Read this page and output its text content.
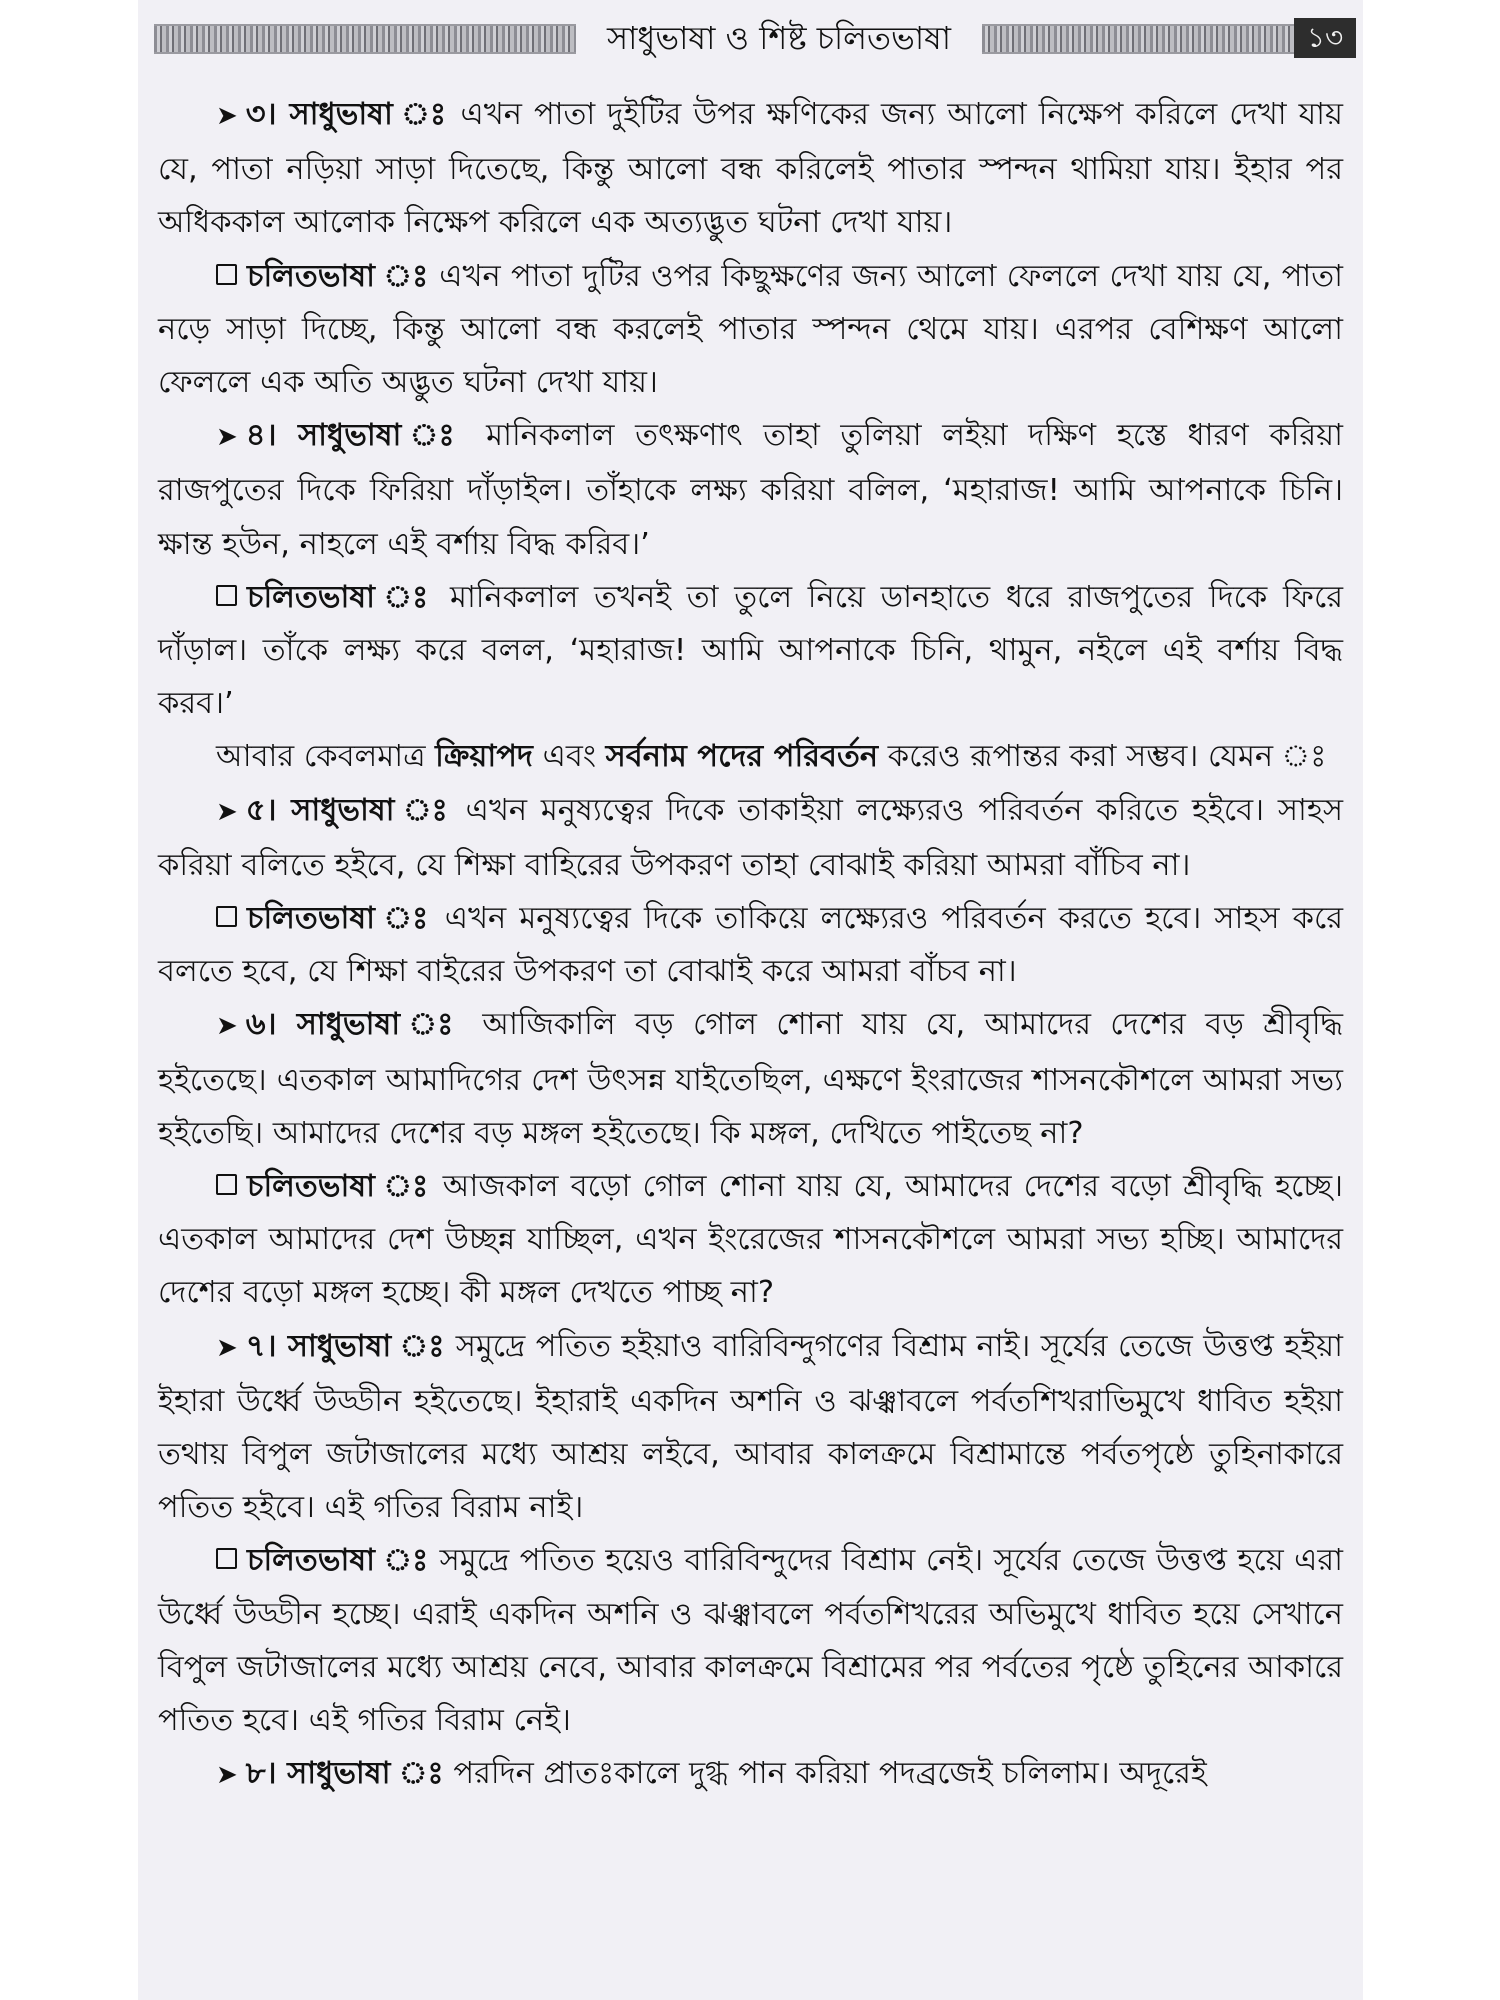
সাধুভাষা ও শিষ্ট চলিতভাষা	১৩

➤ ৩। সাধুভাষা ঃ এখন পাতা দুইটির উপর ক্ষণিকের জন্য আলো নিক্ষেপ করিলে দেখা যায় যে, পাতা নড়িয়া সাড়া দিতেছে, কিন্তু আলো বন্ধ করিলেই পাতার স্পন্দন থামিয়া যায়। ইহার পর অধিককাল আলোক নিক্ষেপ করিলে এক অত্যদ্ভুত ঘটনা দেখা যায়।

চলিতভাষা ঃ এখন পাতা দুটির ওপর কিছুক্ষণের জন্য আলো ফেললে দেখা যায় যে, পাতা নড়ে সাড়া দিচ্ছে, কিন্তু আলো বন্ধ করলেই পাতার স্পন্দন থেমে যায়। এরপর বেশিক্ষণ আলো ফেললে এক অতি অদ্ভুত ঘটনা দেখা যায়।

➤ ৪। সাধুভাষা ঃ মানিকলাল তৎক্ষণাৎ তাহা তুলিয়া লইয়া দক্ষিণ হস্তে ধারণ করিয়া রাজপুতের দিকে ফিরিয়া দাঁড়াইল। তাঁহাকে লক্ষ্য করিয়া বলিল, ‘মহারাজ! আমি আপনাকে চিনি। ক্ষান্ত হউন, নাহলে এই বর্শায় বিদ্ধ করিব।’

চলিতভাষা ঃ মানিকলাল তখনই তা তুলে নিয়ে ডানহাতে ধরে রাজপুতের দিকে ফিরে দাঁড়াল। তাঁকে লক্ষ্য করে বলল, ‘মহারাজ! আমি আপনাকে চিনি, থামুন, নইলে এই বর্শায় বিদ্ধ করব।’

আবার কেবলমাত্র ক্রিয়াপদ এবং সর্বনাম পদের পরিবর্তন করেও রূপান্তর করা সম্ভব। যেমন ঃ

➤ ৫। সাধুভাষা ঃ এখন মনুষ্যত্বের দিকে তাকাইয়া লক্ষ্যেরও পরিবর্তন করিতে হইবে। সাহস করিয়া বলিতে হইবে, যে শিক্ষা বাহিরের উপকরণ তাহা বোঝাই করিয়া আমরা বাঁচিব না।

চলিতভাষা ঃ এখন মনুষ্যত্বের দিকে তাকিয়ে লক্ষ্যেরও পরিবর্তন করতে হবে। সাহস করে বলতে হবে, যে শিক্ষা বাইরের উপকরণ তা বোঝাই করে আমরা বাঁচব না।

➤ ৬। সাধুভাষা ঃ আজিকালি বড় গোল শোনা যায় যে, আমাদের দেশের বড় শ্রীবৃদ্ধি হইতেছে। এতকাল আমাদিগের দেশ উৎসন্ন যাইতেছিল, এক্ষণে ইংরাজের শাসনকৌশলে আমরা সভ্য হইতেছি। আমাদের দেশের বড় মঙ্গল হইতেছে। কি মঙ্গল, দেখিতে পাইতেছ না?

চলিতভাষা ঃ আজকাল বড়ো গোল শোনা যায় যে, আমাদের দেশের বড়ো শ্রীবৃদ্ধি হচ্ছে। এতকাল আমাদের দেশ উচ্ছন্ন যাচ্ছিল, এখন ইংরেজের শাসনকৌশলে আমরা সভ্য হচ্ছি। আমাদের দেশের বড়ো মঙ্গল হচ্ছে। কী মঙ্গল দেখতে পাচ্ছ না?

➤ ৭। সাধুভাষা ঃ সমুদ্রে পতিত হইয়াও বারিবিন্দুগণের বিশ্রাম নাই। সূর্যের তেজে উত্তপ্ত হইয়া ইহারা উর্ধ্বে উড্ডীন হইতেছে। ইহারাই একদিন অশনি ও ঝঞ্ঝাবলে পর্বতশিখরাভিমুখে ধাবিত হইয়া তথায় বিপুল জটাজালের মধ্যে আশ্রয় লইবে, আবার কালক্রমে বিশ্রামান্তে পর্বতপৃষ্ঠে তুহিনাকারে পতিত হইবে। এই গতির বিরাম নাই।

চলিতভাষা ঃ সমুদ্রে পতিত হয়েও বারিবিন্দুদের বিশ্রাম নেই। সূর্যের তেজে উত্তপ্ত হয়ে এরা উর্ধ্বে উড্ডীন হচ্ছে। এরাই একদিন অশনি ও ঝঞ্ঝাবলে পর্বতশিখরের অভিমুখে ধাবিত হয়ে সেখানে বিপুল জটাজালের মধ্যে আশ্রয় নেবে, আবার কালক্রমে বিশ্রামের পর পর্বতের পৃষ্ঠে তুহিনের আকারে পতিত হবে। এই গতির বিরাম নেই।

➤ ৮। সাধুভাষা ঃ পরদিন প্রাতঃকালে দুগ্ধ পান করিয়া পদব্রজেই চলিলাম। অদূরেই
